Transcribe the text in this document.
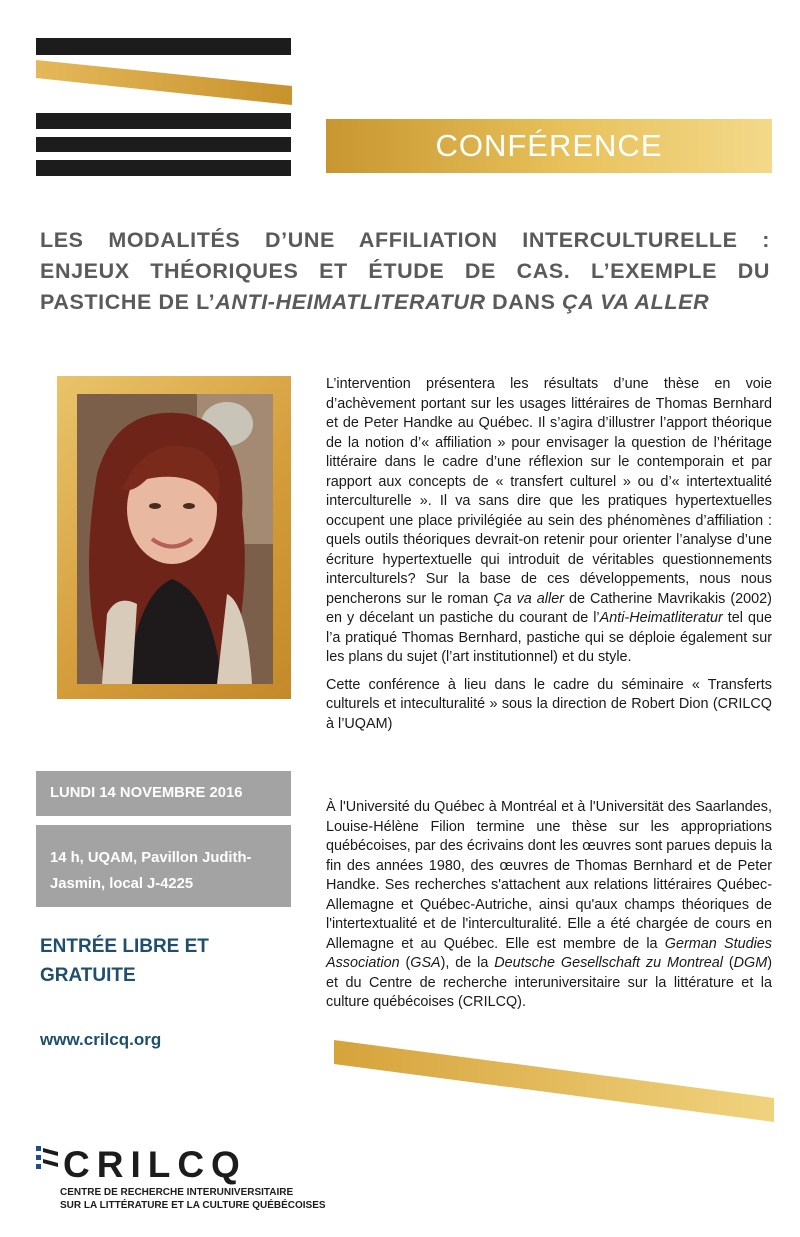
CONFÉRENCE
LES MODALITÉS D’UNE AFFILIATION INTERCULTURELLE : ENJEUX THÉORIQUES ET ÉTUDE DE CAS. L’EXEMPLE DU PASTICHE DE L’ANTI-HEIMATLITERATUR DANS ÇA VA ALLER

L’intervention présentera les résultats d’une thèse en voie d’achèvement portant sur les usages littéraires de Thomas Bernhard et de Peter Handke au Québec. Il s’agira d’illustrer l’apport théorique de la notion d’« affiliation » pour envisager la question de l’héritage littéraire dans le cadre d’une réflexion sur le contemporain et par rapport aux concepts de « transfert culturel » ou d’« intertextualité interculturelle ». Il va sans dire que les pratiques hypertextuelles occupent une place privilégiée au sein des phénomènes d’affiliation : quels outils théoriques devrait-on retenir pour orienter l’analyse d’une écriture hypertextuelle qui introduit de véritables questionnements interculturels? Sur la base de ces développements, nous nous pencherons sur le roman Ça va aller de Catherine Mavrikakis (2002) en y décelant un pastiche du courant de l’Anti-Heimatliteratur tel que l’a pratiqué Thomas Bernhard, pastiche qui se déploie également sur les plans du sujet (l’art institutionnel) et du style.

Cette conférence à lieu dans le cadre du séminaire « Transferts culturels et inteculturalité » sous la direction de Robert Dion (CRILCQ à l’UQAM)

LUNDI 14 NOVEMBRE 2016
14 h, UQAM, Pavillon Judith-
Jasmin, local J-4225
ENTRÉE LIBRE ET
GRATUITE
www.crilcq.org
À l'Université du Québec à Montréal et à l'Universität des Saarlandes, Louise-Hélène Filion termine une thèse sur les appropriations québécoises, par des écrivains dont les œuvres sont parues depuis la fin des années 1980, des œuvres de Thomas Bernhard et de Peter Handke. Ses recherches s'attachent aux relations littéraires Québec-Allemagne et Québec-Autriche, ainsi qu'aux champs théoriques de l'intertextualité et de l'interculturalité. Elle a été chargée de cours en Allemagne et au Québec. Elle est membre de la German Studies Association (GSA), de la Deutsche Gesellschaft zu Montreal (DGM) et du Centre de recherche interuniversitaire sur la littérature et la culture québécoises (CRILCQ).
CRILCQ
CENTRE DE RECHERCHE INTERUNIVERSITAIRE
SUR LA LITTÉRATURE ET LA CULTURE QUÉBÉCOISES
